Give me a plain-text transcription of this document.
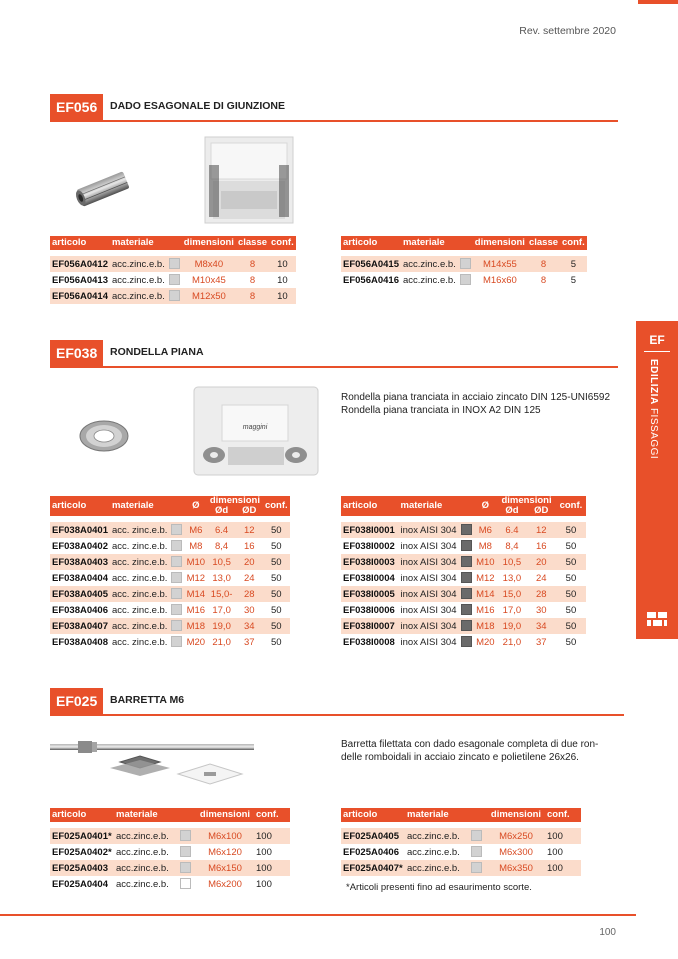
Rev. settembre 2020
EF056	DADO ESAGONALE DI GIUNZIONE
articolo	materiale		dimensioni	classe	conf.

EF056A0412	acc.zinc.e.b.		M8x40	8	10
EF056A0413	acc.zinc.e.b.		M10x45	8	10
EF056A0414	acc.zinc.e.b.		M12x50	8	10
articolo	materiale		dimensioni	classe	conf.

EF056A0415	acc.zinc.e.b.		M14x55	8	5
EF056A0416	acc.zinc.e.b.		M16x60	8	5
EF038	RONDELLA PIANA
maggini
Rondella piana tranciata in acciaio zincato DIN 125-UNI6592
Rondella piana tranciata in INOX A2 DIN 125
articolo	materiale		Ø	dimensioni		conf.
				Ød	ØD	

EF038A0401	acc. zinc.e.b.		M6	6.4	12	50
EF038A0402	acc. zinc.e.b.		M8	8,4	16	50
EF038A0403	acc. zinc.e.b.		M10	10,5	20	50
EF038A0404	acc. zinc.e.b.		M12	13,0	24	50
EF038A0405	acc. zinc.e.b.		M14	15,0-	28	50
EF038A0406	acc. zinc.e.b.		M16	17,0	30	50
EF038A0407	acc. zinc.e.b.		M18	19,0	34	50
EF038A0408	acc. zinc.e.b.		M20	21,0	37	50
articolo	materiale		Ø	dimensioni		conf.
				Ød	ØD	

EF038I0001	inox AISI 304		M6	6.4	12	50
EF038I0002	inox AISI 304		M8	8,4	16	50
EF038I0003	inox AISI 304		M10	10,5	20	50
EF038I0004	inox AISI 304		M12	13,0	24	50
EF038I0005	inox AISI 304		M14	15,0	28	50
EF038I0006	inox AISI 304		M16	17,0	30	50
EF038I0007	inox AISI 304		M18	19,0	34	50
EF038I0008	inox AISI 304		M20	21,0	37	50
EF025	BARRETTA M6
Barretta filettata con dado esagonale completa di due ron-
delle romboidali in acciaio zincato e polietilene 26x26.
articolo	materiale		dimensioni	conf.

EF025A0401*	acc.zinc.e.b.		M6x100	100
EF025A0402*	acc.zinc.e.b.		M6x120	100
EF025A0403	acc.zinc.e.b.		M6x150	100
EF025A0404	acc.zinc.e.b.		M6x200	100
articolo	materiale		dimensioni	conf.

EF025A0405	acc.zinc.e.b.		M6x250	100
EF025A0406	acc.zinc.e.b.		M6x300	100
EF025A0407*	acc.zinc.e.b.		M6x350	100
*Articoli presenti fino ad esaurimento scorte.
100
EF
EDILIZIA FISSAGGI
